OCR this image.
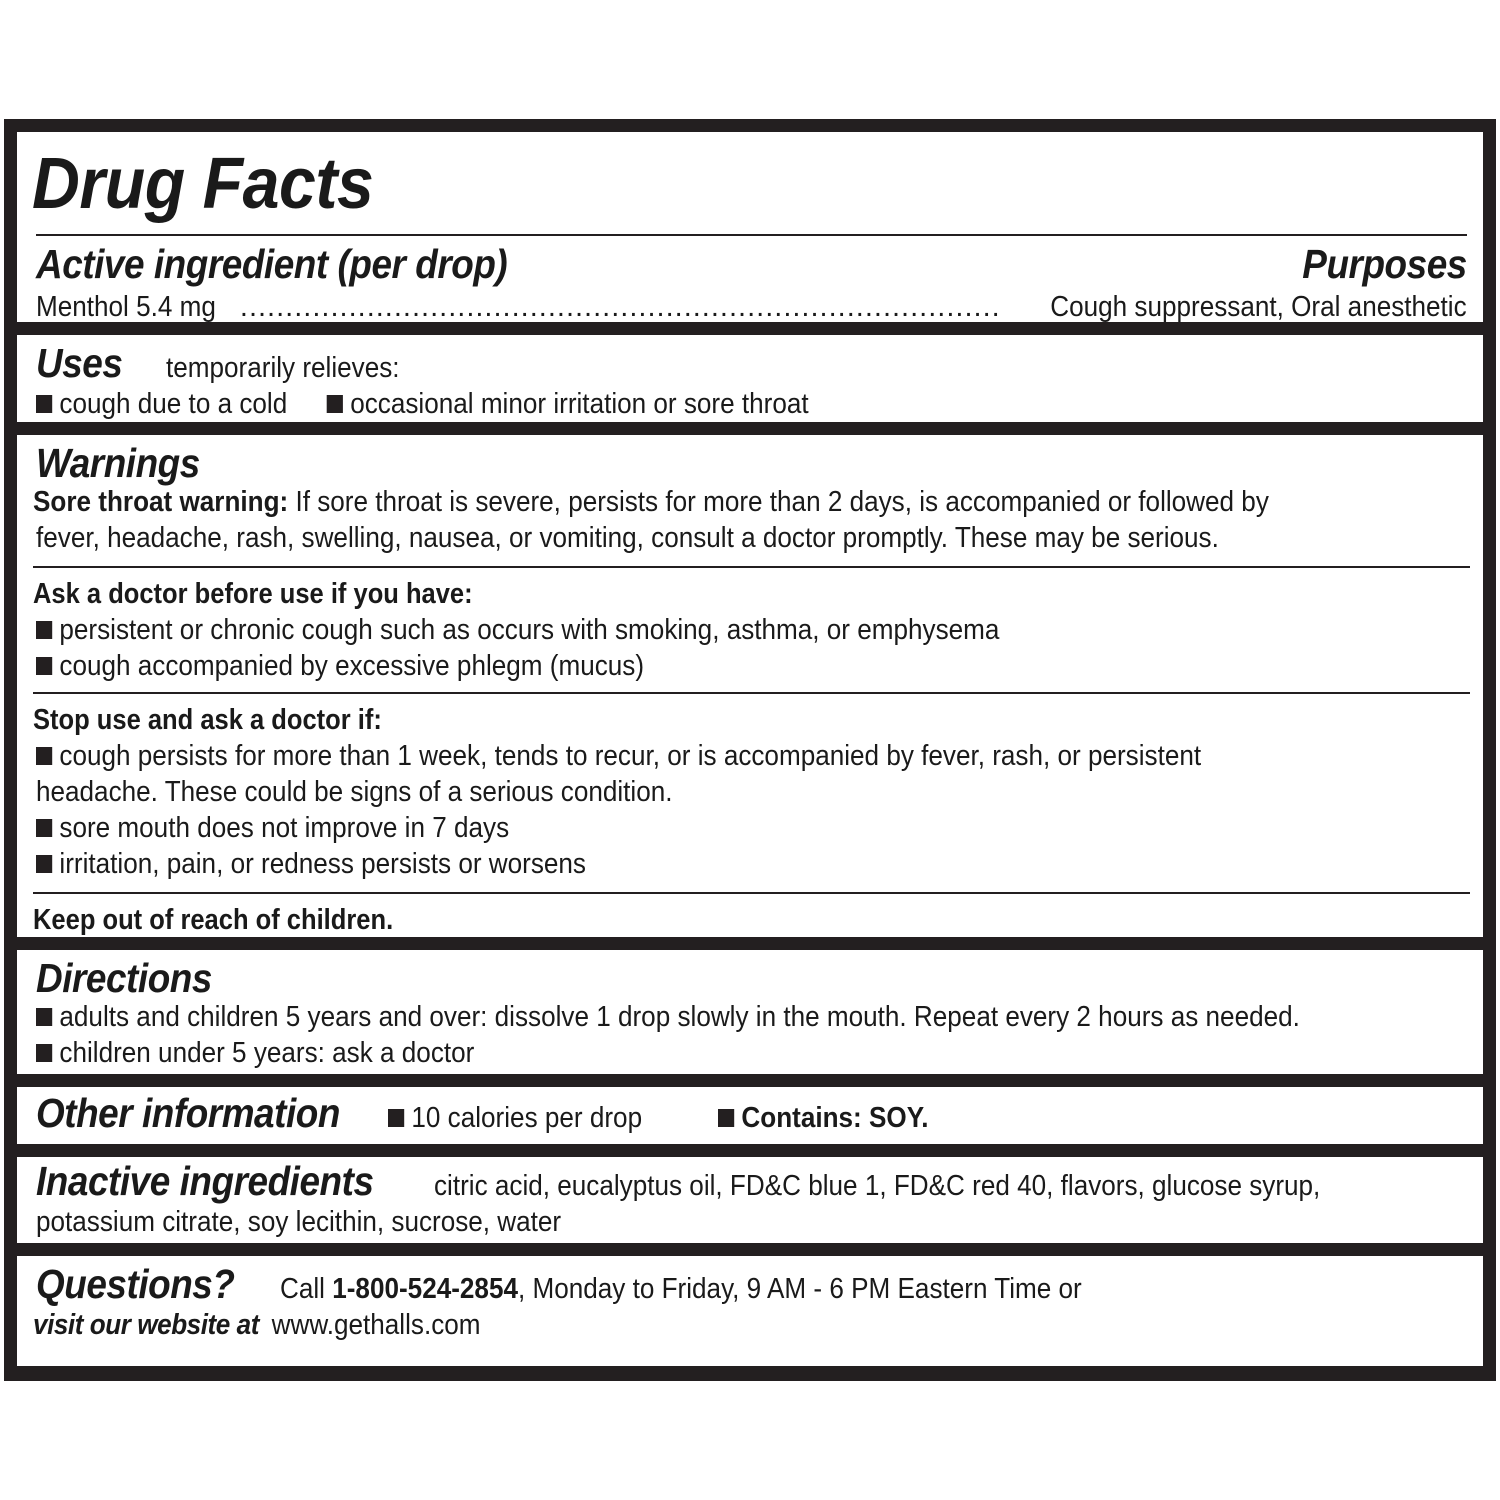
Drug Facts
Active ingredient (per drop)	Purposes
Menthol 5.4 mg
.....	Cough suppressant, Oral anesthetic
Uses temporarily relieves:
cough due to a cold occasional minor irritation or sore throat
Warnings
Sore throat warning: If sore throat is severe, persists for more than 2 days, is accompanied or followed by
fever, headache, rash, swelling, nausea, or vomiting, consult a doctor promptly. These may be serious.
Ask a doctor before use if you have:
persistent or chronic cough such as occurs with smoking, asthma, or emphysema
cough accompanied by excessive phlegm (mucus)
Stop use and ask a doctor if:
cough persists for more than 1 week, tends to recur, or is accompanied by fever, rash, or persistent
headache. These could be signs of a serious condition.
sore mouth does not improve in 7 days
irritation, pain, or redness persists or worsens
Keep out of reach of children.
Directions
adults and children 5 years and over: dissolve 1 drop slowly in the mouth. Repeat every 2 hours as needed.
children under 5 years: ask a doctor
Other information	10 calories per drop	Contains: SOY.
Inactive ingredients	citric acid, eucalyptus oil, FD&C blue 1, FD&C red 40, flavors, glucose syrup,
potassium citrate, soy lecithin, sucrose, water
Questions?	Call 1-800-524-2854, Monday to Friday, 9 AM - 6 PM Eastern Time or
visit our website at www.gethalls.com
